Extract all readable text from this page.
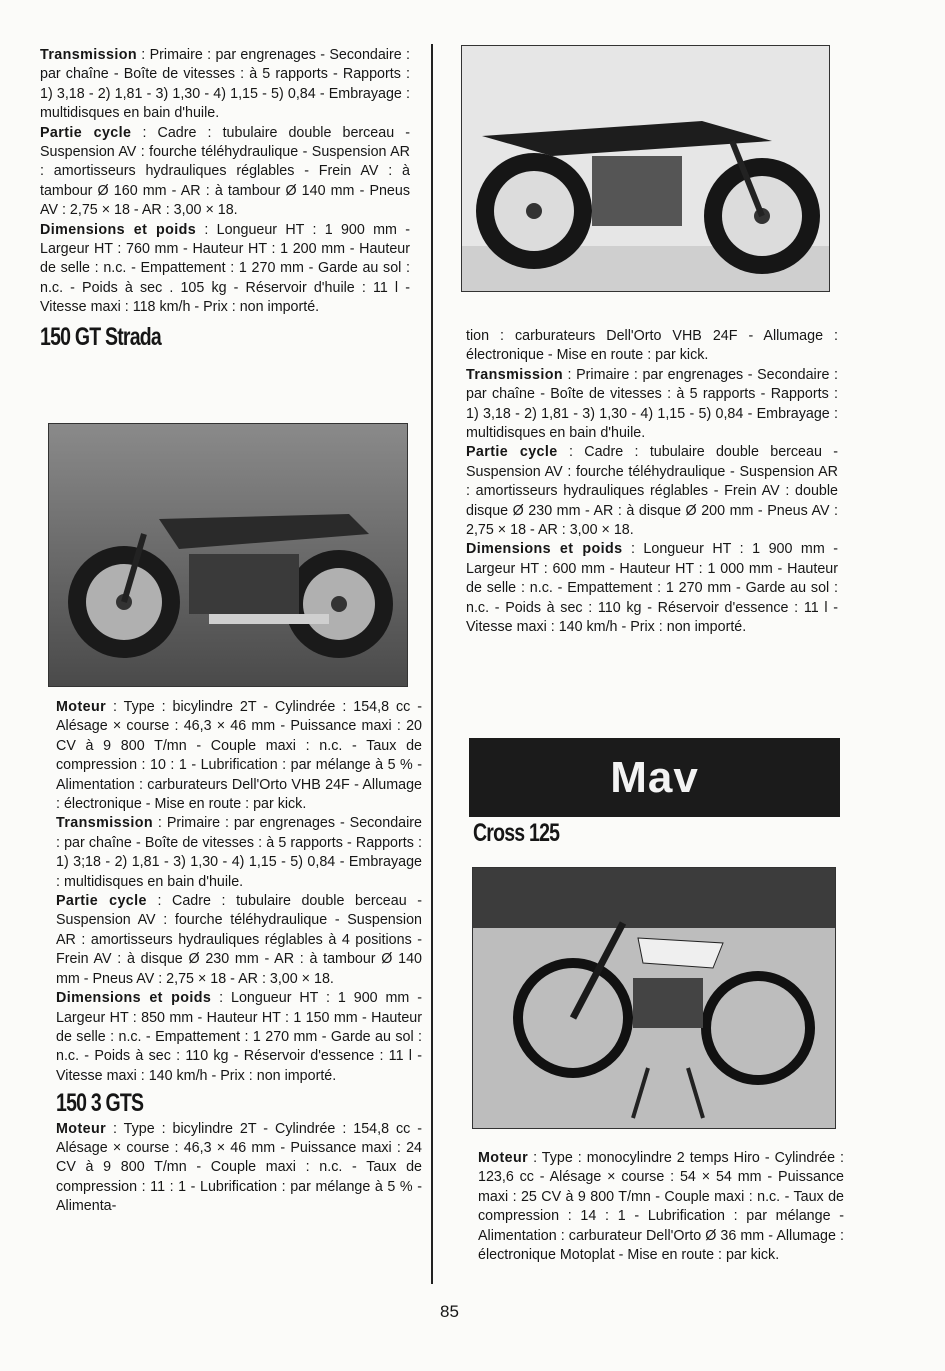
Transmission : Primaire : par engrenages - Secondaire : par chaîne - Boîte de vitesses : à 5 rapports - Rapports : 1) 3,18 - 2) 1,81 - 3) 1,30 - 4) 1,15 - 5) 0,84 - Embrayage : multidisques en bain d'huile.

Partie cycle : Cadre : tubulaire double berceau - Suspension AV : fourche téléhydraulique - Suspension AR : amortisseurs hydrauliques réglables - Frein AV : à tambour Ø 160 mm - AR : à tambour Ø 140 mm - Pneus AV : 2,75 × 18 - AR : 3,00 × 18.

Dimensions et poids : Longueur HT : 1 900 mm - Largeur HT : 760 mm - Hauteur HT : 1 200 mm - Hauteur de selle : n.c. - Empattement : 1 270 mm - Garde au sol : n.c. - Poids à sec . 105 kg - Réservoir d'huile : 11 l - Vitesse maxi : 118 km/h - Prix : non importé.

150 GT Strada

Moteur : Type : bicylindre 2T - Cylindrée : 154,8 cc - Alésage × course : 46,3 × 46 mm - Puissance maxi : 20 CV à 9 800 T/mn - Couple maxi : n.c. - Taux de compression : 10 : 1 - Lubrification : par mélange à 5 % - Alimentation : carburateurs Dell'Orto VHB 24F - Allumage : électronique - Mise en route : par kick.

Transmission : Primaire : par engrenages - Secondaire : par chaîne - Boîte de vitesses : à 5 rapports - Rapports : 1) 3;18 - 2) 1,81 - 3) 1,30 - 4) 1,15 - 5) 0,84 - Embrayage : multidisques en bain d'huile.

Partie cycle : Cadre : tubulaire double berceau - Suspension AV : fourche téléhydraulique - Suspension AR : amortisseurs hydrauliques réglables à 4 positions - Frein AV : à disque Ø 230 mm - AR : à tambour Ø 140 mm - Pneus AV : 2,75 × 18 - AR : 3,00 × 18.

Dimensions et poids : Longueur HT : 1 900 mm - Largeur HT : 850 mm - Hauteur HT : 1 150 mm - Hauteur de selle : n.c. - Empattement : 1 270 mm - Garde au sol : n.c. - Poids à sec : 110 kg - Réservoir d'essence : 11 l - Vitesse maxi : 140 km/h - Prix : non importé.

150 3 GTS

Moteur : Type : bicylindre 2T - Cylindrée : 154,8 cc - Alésage × course : 46,3 × 46 mm - Puissance maxi : 24 CV à 9 800 T/mn - Couple maxi : n.c. - Taux de compression : 11 : 1 - Lubrification : par mélange à 5 % - Alimenta-

tion : carburateurs Dell'Orto VHB 24F - Allumage : électronique - Mise en route : par kick.

Transmission : Primaire : par engrenages - Secondaire : par chaîne - Boîte de vitesses : à 5 rapports - Rapports : 1) 3,18 - 2) 1,81 - 3) 1,30 - 4) 1,15 - 5) 0,84 - Embrayage : multidisques en bain d'huile.

Partie cycle : Cadre : tubulaire double berceau - Suspension AV : fourche téléhydraulique - Suspension AR : amortisseurs hydrauliques réglables - Frein AV : double disque Ø 230 mm - AR : à disque Ø 200 mm - Pneus AV : 2,75 × 18 - AR : 3,00 × 18.

Dimensions et poids : Longueur HT : 1 900 mm - Largeur HT : 600 mm - Hauteur HT : 1 000 mm - Hauteur de selle : n.c. - Empattement : 1 270 mm - Garde au sol : n.c. - Poids à sec : 110 kg - Réservoir d'essence : 11 l - Vitesse maxi : 140 km/h - Prix : non importé.

Mav
Cross 125

Moteur : Type : monocylindre 2 temps Hiro - Cylindrée : 123,6 cc - Alésage × course : 54 × 54 mm - Puissance maxi : 25 CV à 9 800 T/mn - Couple maxi : n.c. - Taux de compression : 14 : 1 - Lubrification : par mélange - Alimentation : carburateur Dell'Orto Ø 36 mm - Allumage : électronique Motoplat - Mise en route : par kick.

85
